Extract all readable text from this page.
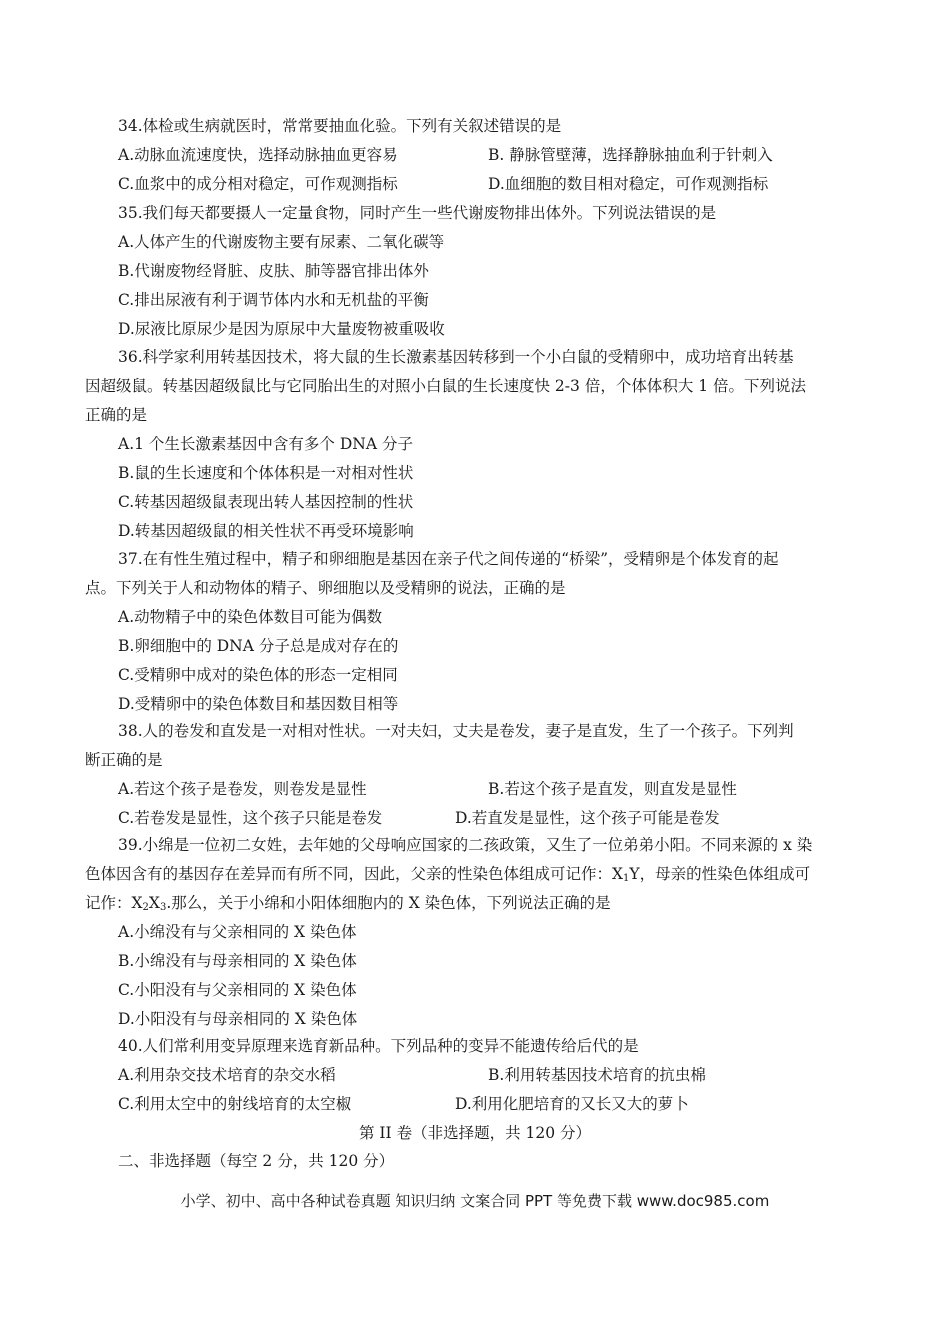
34.体检或生病就医时，常常要抽血化验。下列有关叙述错误的是
A.动脉血流速度快，选择动脉抽血更容易	B. 静脉管壁薄，选择静脉抽血利于针刺入
C.血浆中的成分相对稳定，可作观测指标	D.血细胞的数目相对稳定，可作观测指标
35.我们每天都要摄人一定量食物，同时产生一些代谢废物排出体外。下列说法错误的是
A.人体产生的代谢废物主要有尿素、二氧化碳等
B.代谢废物经肾脏、皮肤、肺等器官排出体外
C.排出尿液有利于调节体内水和无机盐的平衡
D.尿液比原尿少是因为原尿中大量废物被重吸收
36.科学家利用转基因技术，将大鼠的生长激素基因转移到一个小白鼠的受精卵中，成功培育出转基
因超级鼠。转基因超级鼠比与它同胎出生的对照小白鼠的生长速度快 2-3 倍，个体体积大 1 倍。下列说法
正确的是
A.1 个生长激素基因中含有多个 DNA 分子
B.鼠的生长速度和个体体积是一对相对性状
C.转基因超级鼠表现出转人基因控制的性状
D.转基因超级鼠的相关性状不再受环境影响
37.在有性生殖过程中，精子和卵细胞是基因在亲子代之间传递的“桥梁”，受精卵是个体发育的起
点。下列关于人和动物体的精子、卵细胞以及受精卵的说法，正确的是
A.动物精子中的染色体数目可能为偶数
B.卵细胞中的 DNA 分子总是成对存在的
C.受精卵中成对的染色体的形态一定相同
D.受精卵中的染色体数目和基因数目相等
38.人的卷发和直发是一对相对性状。一对夫妇，丈夫是卷发，妻子是直发，生了一个孩子。下列判
断正确的是
A.若这个孩子是卷发，则卷发是显性	B.若这个孩子是直发，则直发是显性
C.若卷发是显性，这个孩子只能是卷发	D.若直发是显性，这个孩子可能是卷发
39.小绵是一位初二女姓，去年她的父母响应国家的二孩政策，又生了一位弟弟小阳。不同来源的 x 染
色体因含有的基因存在差异而有所不同，因此，父亲的性染色体组成可记作：$X_1Y$，母亲的性染色体组成可
记作：$X_2X_3$.那么，关于小绵和小阳体细胞内的 X 染色体，下列说法正确的是
A.小绵没有与父亲相同的 X 染色体
B.小绵没有与母亲相同的 X 染色体
C.小阳没有与父亲相同的 X 染色体
D.小阳没有与母亲相同的 X 染色体
40.人们常利用变异原理来选育新品种。下列品种的变异不能遗传给后代的是
A.利用杂交技术培育的杂交水稻	B.利用转基因技术培育的抗虫棉
C.利用太空中的射线培育的太空椒	D.利用化肥培育的又长又大的萝卜
第 II 卷（非选择题，共 120 分）
二、非选择题（每空 2 分，共 120 分）
小学、初中、高中各种试卷真题 知识归纳 文案合同 PPT 等免费下载 www.doc985.com
